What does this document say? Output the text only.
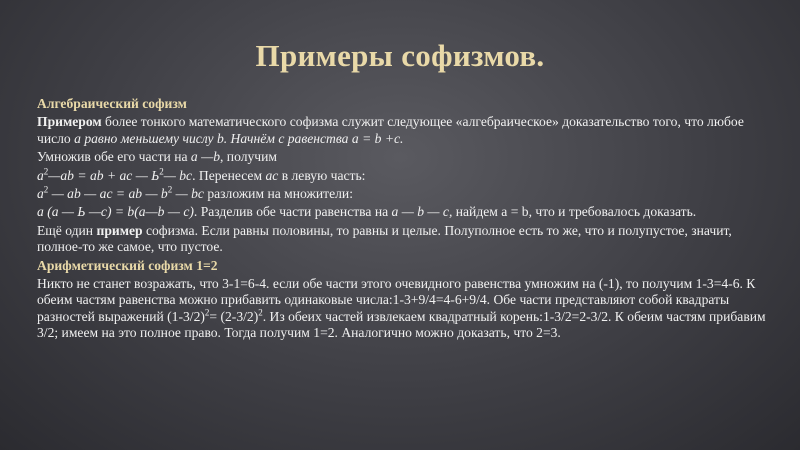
Примеры софизмов.
Алгебраический софизм
Примером более тонкого математического софизма служит следующее «алгебраическое» доказательство того, что любое число а равно меньшему числу b. Начнём с равенства а = b +с.
Умножив обе его части на а —b, получим
$а^2—ab$ = ab + ас — $Ь^2—$ bc. Перенесем ас в левую часть:
$а^2$ — ab — ас = ab — $b^2$ — bc разложим на множители:
а (а — Ь —с) = b(а—b — с). Разделив обе части равенства на а — b — с, найдем а = b, что и требовалось доказать.
Ещё один пример софизма. Если равны половины, то равны и целые. Полуполное есть то же, что и полупустое, значит, полное-то же самое, что пустое.
Арифметический софизм 1=2
Никто не станет возражать, что 3-1=6-4. если обе части этого очевидного равенства умножим на (-1), то получим 1-3=4-6. К обеим частям равенства можно прибавить одинаковые числа:1-3+9/4=4-6+9/4. Обе части представляют собой квадраты разностей выражений $(1-3/2)^2= (2-3/2)^2$. Из обеих частей извлекаем квадратный корень:1-3/2=2-3/2. К обеим частям прибавим 3/2; имеем на это полное право. Тогда получим 1=2. Аналогично можно доказать, что 2=3.
